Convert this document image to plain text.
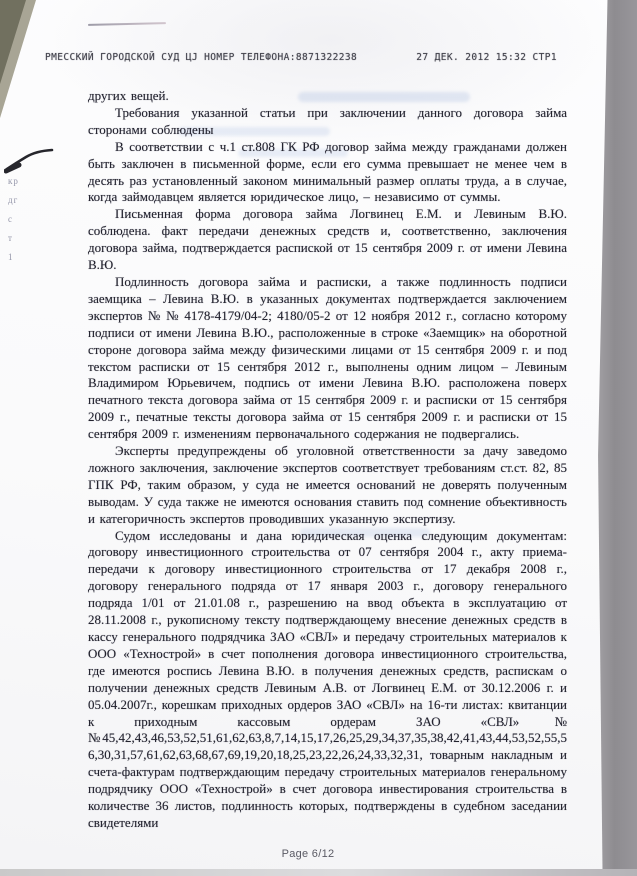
РМЕССКИЙ ГОРОДСКОЙ СУД ЦЈ НОМЕР ТЕЛЕФОНА:8871322238	27 ДЕК. 2012 15:32 СТР1
кр
дг
с
т
1

других вещей.

Требования указанной статьи при заключении данного договора займа сторонами соблюдены

В соответствии с ч.1 ст.808 ГК РФ договор займа между гражданами должен быть заключен в письменной форме, если его сумма превышает не менее чем в десять раз установленный законом минимальный размер оплаты труда, а в случае, когда займодавцем является юридическое лицо, – независимо от суммы.

Письменная форма договора займа Логвинец Е.М. и Левиным В.Ю. соблюдена. факт передачи денежных средств и, соответственно, заключения договора займа, подтверждается распиской от 15 сентября 2009 г. от имени Левина В.Ю.

Подлинность договора займа и расписки, а также подлинность подписи заемщика – Левина В.Ю. в указанных документах подтверждается заключением экспертов № № 4178-4179/04-2; 4180/05-2 от 12 ноября 2012 г., согласно которому подписи от имени Левина В.Ю., расположенные в строке «Заемщик» на оборотной стороне договора займа между физическими лицами от 15 сентября 2009 г. и под текстом расписки от 15 сентября 2012 г., выполнены одним лицом – Левиным Владимиром Юрьевичем, подпись от имени Левина В.Ю. расположена поверх печатного текста договора займа от 15 сентября 2009 г. и расписки от 15 сентября 2009 г., печатные тексты договора займа от 15 сентября 2009 г. и расписки от 15 сентября 2009 г. изменениям первоначального содержания не подвергались.

Эксперты предупреждены об уголовной ответственности за дачу заведомо ложного заключения, заключение экспертов соответствует требованиям ст.ст. 82, 85 ГПК РФ, таким образом, у суда не имеется оснований не доверять полученным выводам. У суда также не имеются основания ставить под сомнение объективность и категоричность экспертов проводивших указанную экспертизу.

Судом исследованы и дана юридическая оценка следующим документам: договору инвестиционного строительства от 07 сентября 2004 г., акту приема-передачи к договору инвестиционного строительства от 17 декабря 2008 г., договору генерального подряда от 17 января 2003 г., договору генерального подряда 1/01 от 21.01.08 г., разрешению на ввод объекта в эксплуатацию от 28.11.2008 г., рукописному тексту подтверждающему внесение денежных средств в кассу генерального подрядчика ЗАО «СВЛ» и передачу строительных материалов к ООО «Технострой» в счет пополнения договора инвестиционного строительства, где имеются роспись Левина В.Ю. в получения денежных средств, распискам о получении денежных средств Левиным А.В. от Логвинец Е.М. от 30.12.2006 г. и 05.04.2007г., корешкам приходных ордеров ЗАО «СВЛ» на 16-ти листах: квитанции к приходным кассовым ордерам ЗАО «СВЛ»№№45,42,43,46,53,52,51,61,62,63,8,7,14,15,17,26,25,29,34,37,35,38,42,41,43,44,53,52,55,56,30,31,57,61,62,63,68,67,69,19,20,18,25,23,22,26,24,33,32,31, товарным накладным и счета-фактурам подтверждающим передачу строительных материалов генеральному подрядчику ООО «Технострой» в счет договора инвестирования строительства в количестве 36 листов, подлинность которых, подтверждены в судебном заседании свидетелями

Page 6/12
